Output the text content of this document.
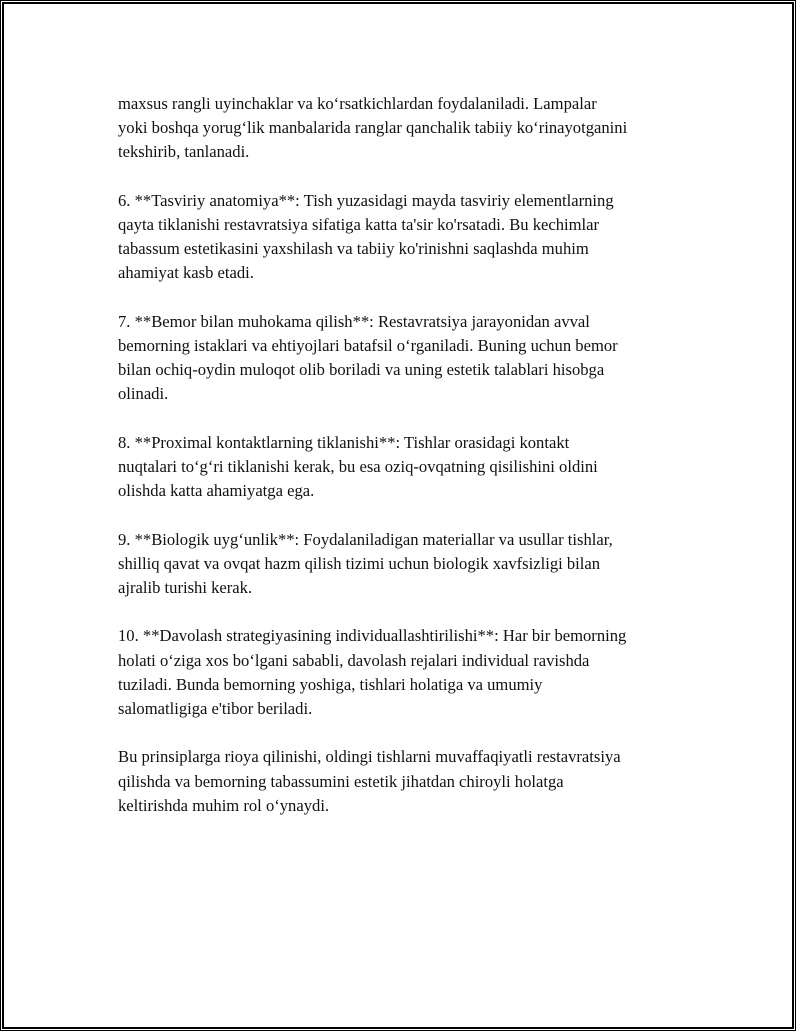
maxsus rangli uyinchaklar va koʻrsatkichlardan foydalaniladi. Lampalar
yoki boshqa yorugʻlik manbalarida ranglar qanchalik tabiiy koʻrinayotganini
tekshirib, tanlanadi.

6. **Tasviriy anatomiya**: Tish yuzasidagi mayda tasviriy elementlarning
qayta tiklanishi restavratsiya sifatiga katta ta'sir ko'rsatadi. Bu kechimlar
tabassum estetikasini yaxshilash va tabiiy ko'rinishni saqlashda muhim
ahamiyat kasb etadi.

7. **Bemor bilan muhokama qilish**: Restavratsiya jarayonidan avval
bemorning istaklari va ehtiyojlari batafsil oʻrganiladi. Buning uchun bemor
bilan ochiq-oydin muloqot olib boriladi va uning estetik talablari hisobga
olinadi.

8. **Proximal kontaktlarning tiklanishi**: Tishlar orasidagi kontakt
nuqtalari toʻgʻri tiklanishi kerak, bu esa oziq-ovqatning qisilishini oldini
olishda katta ahamiyatga ega.

9. **Biologik uygʻunlik**: Foydalaniladigan materiallar va usullar tishlar,
shilliq qavat va ovqat hazm qilish tizimi uchun biologik xavfsizligi bilan
ajralib turishi kerak.

10. **Davolash strategiyasining individuallashtirilishi**: Har bir bemorning
holati oʻziga xos boʻlgani sababli, davolash rejalari individual ravishda
tuziladi. Bunda bemorning yoshiga, tishlari holatiga va umumiy
salomatligiga e'tibor beriladi.

Bu prinsiplarga rioya qilinishi, oldingi tishlarni muvaffaqiyatli restavratsiya
qilishda va bemorning tabassumini estetik jihatdan chiroyli holatga
keltirishda muhim rol oʻynaydi.
